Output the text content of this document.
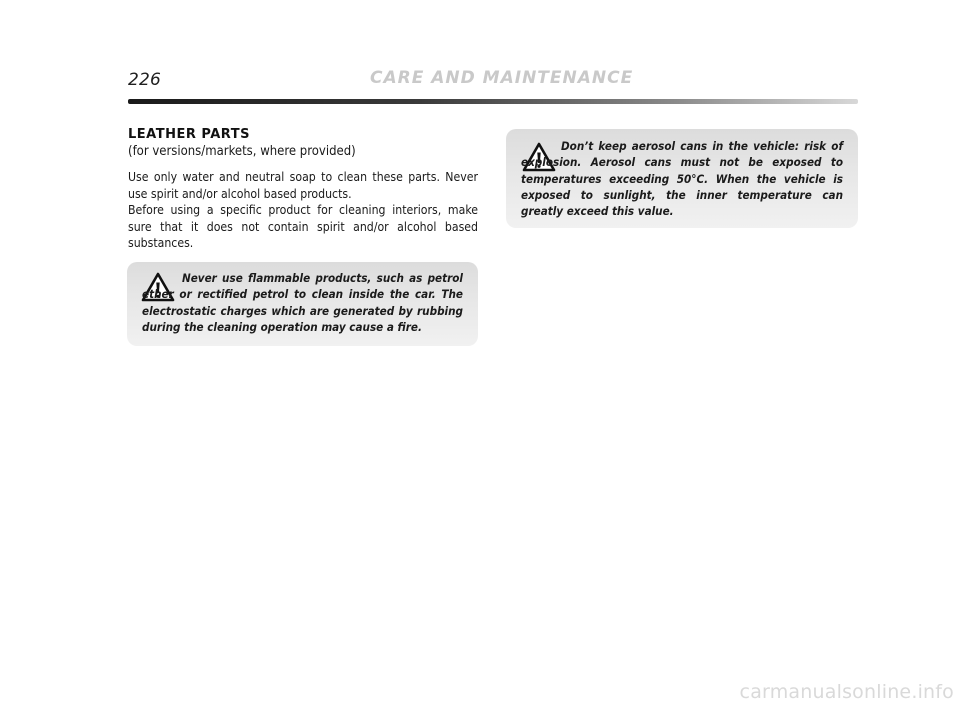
226	CARE AND MAINTENANCE
LEATHER PARTS
(for versions/markets, where provided)

Use only water and neutral soap to clean these parts. Never use spirit and/or alcohol based products.

Before using a specific product for cleaning interiors, make sure that it does not contain spirit and/or alcohol based substances.

Never use flammable products, such as petrol ether or rectified petrol to clean inside the car. The electrostatic charges which are generated by rubbing during the cleaning operation may cause a fire.
Don’t keep aerosol cans in the vehicle: risk of explosion. Aerosol cans must not be exposed to temperatures exceeding 50°C. When the vehicle is exposed to sunlight, the inner temperature can greatly exceed this value.
carmanualsonline.info
